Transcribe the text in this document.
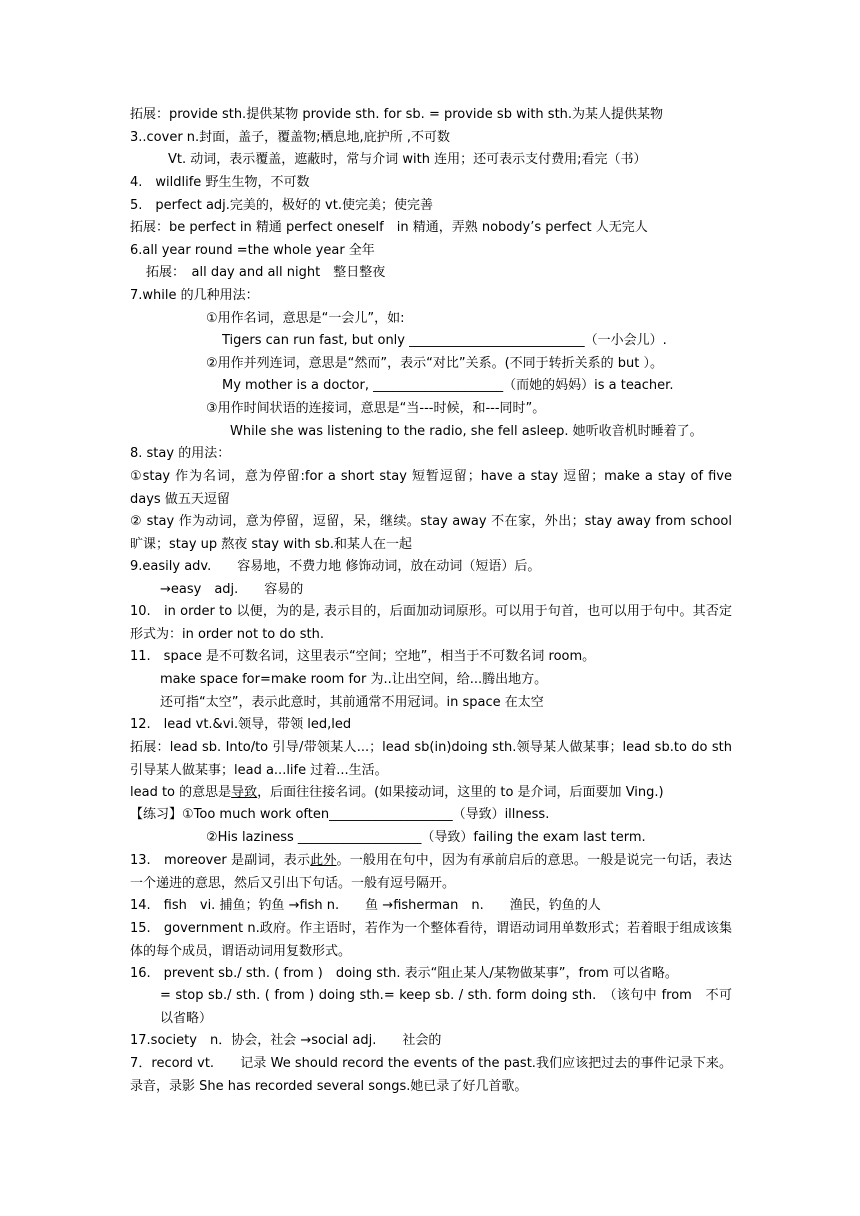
拓展：provide sth.提供某物 provide sth. for sb. = provide sb with sth.为某人提供某物
3..cover n.封面，盖子，覆盖物;栖息地,庇护所 ,不可数
Vt. 动词，表示覆盖，遮蔽时，常与介词 with 连用；还可表示支付费用;看完（书）
4.　wildlife 野生生物，不可数
5.　perfect adj.完美的，极好的 vt.使完美；使完善
拓展：be perfect in 精通 perfect oneself　in 精通，弄熟 nobody’s perfect 人无完人
6.all year round =the whole year 全年
拓展：　all day and all night　整日整夜
7.while 的几种用法：
①用作名词，意思是“一会儿”，如:
Tigers can run fast, but only ___________________________（一小会儿）.
②用作并列连词，意思是“然而”，表示“对比”关系。(不同于转折关系的 but ）。
My mother is a doctor, ____________________（而她的妈妈）is a teacher.
③用作时间状语的连接词，意思是“当---时候，和---同时”。
While she was listening to the radio, she fell asleep. 她听收音机时睡着了。
8. stay 的用法：
①stay 作为名词，意为停留:for a short stay 短暂逗留；have a stay 逗留；make a stay of five days 做五天逗留
② stay 作为动词，意为停留，逗留，呆，继续。stay away 不在家，外出；stay away from school 旷课；stay up 熬夜 stay with sb.和某人在一起
9.easily adv.　　容易地，不费力地 修饰动词，放在动词（短语）后。
→easy　adj.　　容易的
10.　in order to 以便，为的是, 表示目的，后面加动词原形。可以用于句首，也可以用于句中。其否定形式为：in order not to do sth.
11.　space 是不可数名词，这里表示“空间；空地”，相当于不可数名词 room。
make space for=make room for 为..让出空间，给...腾出地方。
还可指“太空”，表示此意时，其前通常不用冠词。in space 在太空
12.　lead vt.&vi.领导，带领 led,led
拓展：lead sb. Into/to 引导/带领某人...；lead sb(in)doing sth.领导某人做某事；lead sb.to do sth 引导某人做某事；lead a...life 过着...生活。
lead to 的意思是导致，后面往往接名词。(如果接动词，这里的 to 是介词，后面要加 Ving.)
【练习】①Too much work often___________________（导致）illness.
②His laziness ___________________（导致）failing the exam last term.
13.　moreover 是副词，表示此外。一般用在句中，因为有承前启后的意思。一般是说完一句话，表达一个递进的意思，然后又引出下句话。一般有逗号隔开。
14.　fish　vi. 捕鱼；钓鱼 →fish n.　　鱼 →fisherman　n.　　渔民，钓鱼的人
15.　government n.政府。作主语时，若作为一个整体看待，谓语动词用单数形式；若着眼于组成该集体的每个成员，谓语动词用复数形式。
16.　prevent sb./ sth. ( from )　doing sth. 表示“阻止某人/某物做某事”，from 可以省略。
= stop sb./ sth. ( from ) doing sth.= keep sb. / sth. form doing sth.　（该句中 from　不可以省略）
17.society　n．协会，社会 →social adj.　　社会的
7．record vt.　　记录 We should record the events of the past.我们应该把过去的事件记录下来。 录音，录影 She has recorded several songs.她已录了好几首歌。
